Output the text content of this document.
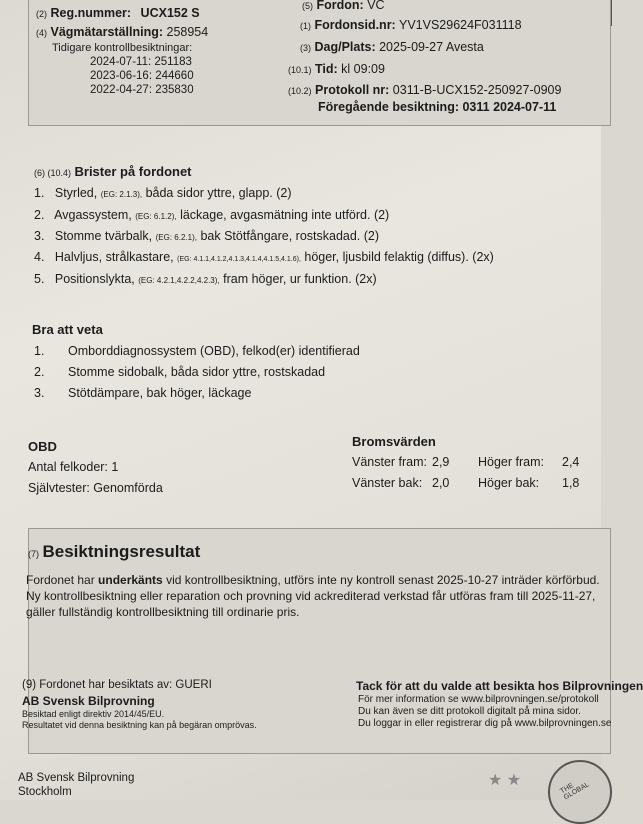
(2) Reg.nummer: UCX152 S
(4) Vägmätarställning: 258954
Tidigare kontrollbesiktningar:
2024-07-11: 251183
2023-06-16: 244660
2022-04-27: 235830
(5) Fordon: VC
(1) Fordonsid.nr: YV1VS29624F031118
(3) Dag/Plats: 2025-09-27 Avesta
(10.1) Tid: kl 09:09
(10.2) Protokoll nr: 0311-B-UCX152-250927-0909
Föregående besiktning: 0311 2024-07-11
(6) (10.4) Brister på fordonet
1. Styrled, (EG: 2.1.3), båda sidor yttre, glapp. (2)
2. Avgassystem, (EG: 6.1.2), läckage, avgasmätning inte utförd. (2)
3. Stomme tvärbalk, (EG: 6.2.1), bak Stötfångare, rostskadad. (2)
4. Halvljus, strålkastare, (EG: 4.1.1,4.1.2,4.1.3,4.1.4,4.1.5,4.1.6), höger, ljusbild felaktig (diffus). (2x)
5. Positionslykta, (EG: 4.2.1,4.2.2,4.2.3), fram höger, ur funktion. (2x)
Bra att veta
1. Omborddiagnossystem (OBD), felkod(er) identifierad
2. Stomme sidobalk, båda sidor yttre, rostskadad
3. Stötdämpare, bak höger, läckage
OBD
Antal felkoder: 1
Självtester: Genomförda
Bromsvärden
Vänster fram: 2,9 Höger fram: 2,4
Vänster bak: 2,0 Höger bak: 1,8
(7) Besiktningsresultat
Fordonet har underkänts vid kontrollbesiktning, utförs inte ny kontroll senast 2025-10-27 inträder körförbud.
Ny kontrollbesiktning eller reparation och provning vid ackrediterad verkstad får utföras fram till 2025-11-27,
gäller fullständig kontrollbesiktning till ordinarie pris.
(9) Fordonet har besiktats av: GUERI
AB Svensk Bilprovning
Besiktad enligt direktiv 2014/45/EU.
Resultatet vid denna besiktning kan på begäran omprövas.
Tack för att du valde att besikta hos Bilprovningen
För mer information se www.bilprovningen.se/protokoll
Du kan även se ditt protokoll digitalt på mina sidor.
Du loggar in eller registrerar dig på www.bilprovningen.se
AB Svensk Bilprovning
Stockholm
★ ★	THE GLOBAL
